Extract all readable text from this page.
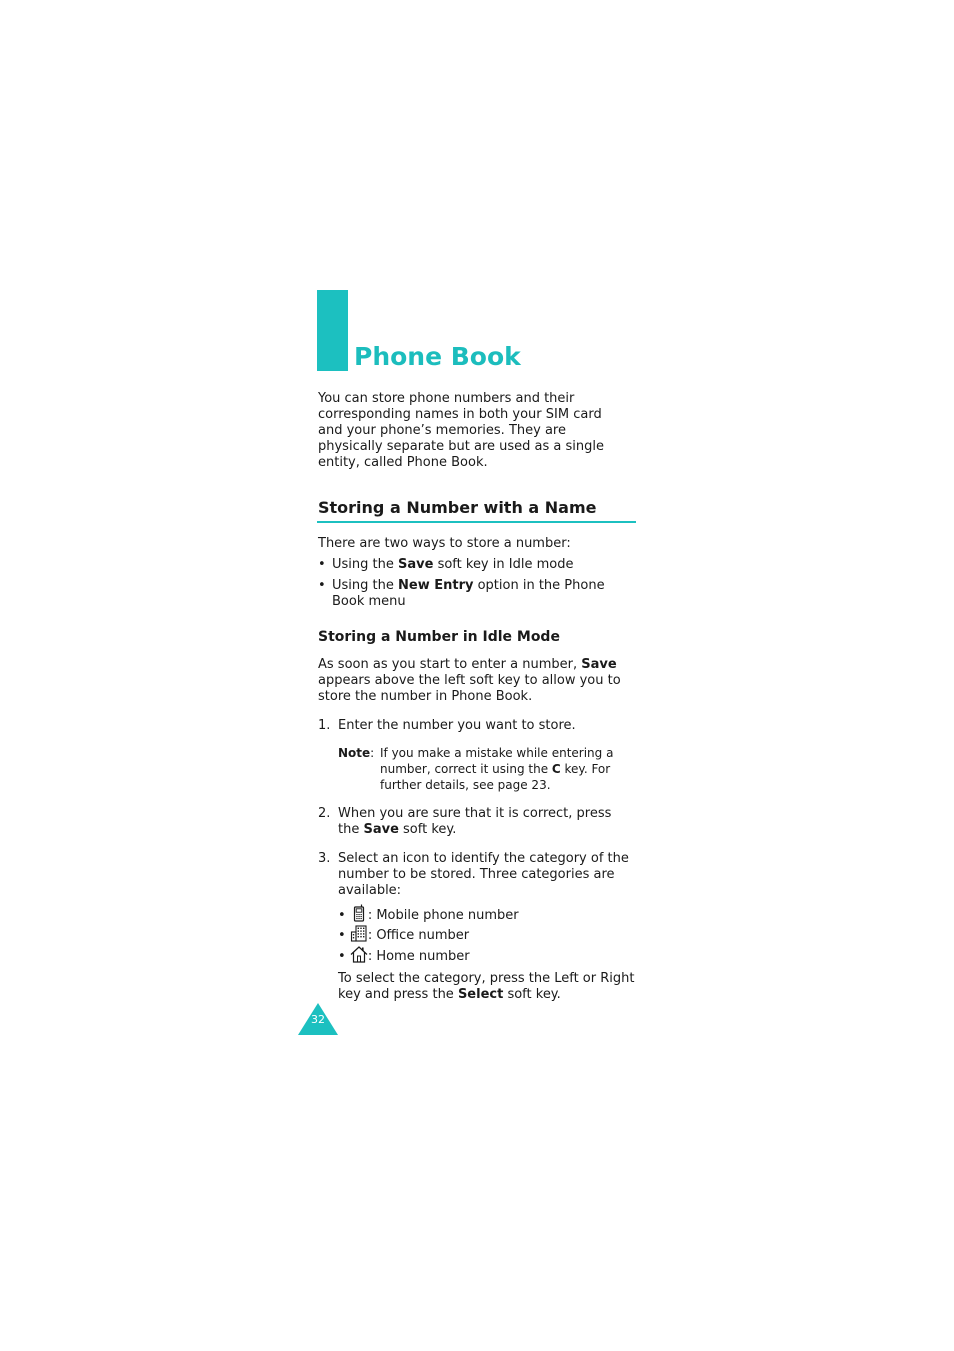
Phone Book
You can store phone numbers and their corresponding names in both your SIM card and your phone’s memories. They are physically separate but are used as a single entity, called Phone Book.
Storing a Number with a Name
There are two ways to store a number:
• Using the Save soft key in Idle mode
• Using the New Entry option in the Phone Book menu
Storing a Number in Idle Mode
As soon as you start to enter a number, Save appears above the left soft key to allow you to store the number in Phone Book.
1. Enter the number you want to store.
Note: If you make a mistake while entering a number, correct it using the C key. For further details, see page 23.
2. When you are sure that it is correct, press the Save soft key.
3. Select an icon to identify the category of the number to be stored. Three categories are available:
• : Mobile phone number
• : Office number
• : Home number
To select the category, press the Left or Right key and press the Select soft key.
32
